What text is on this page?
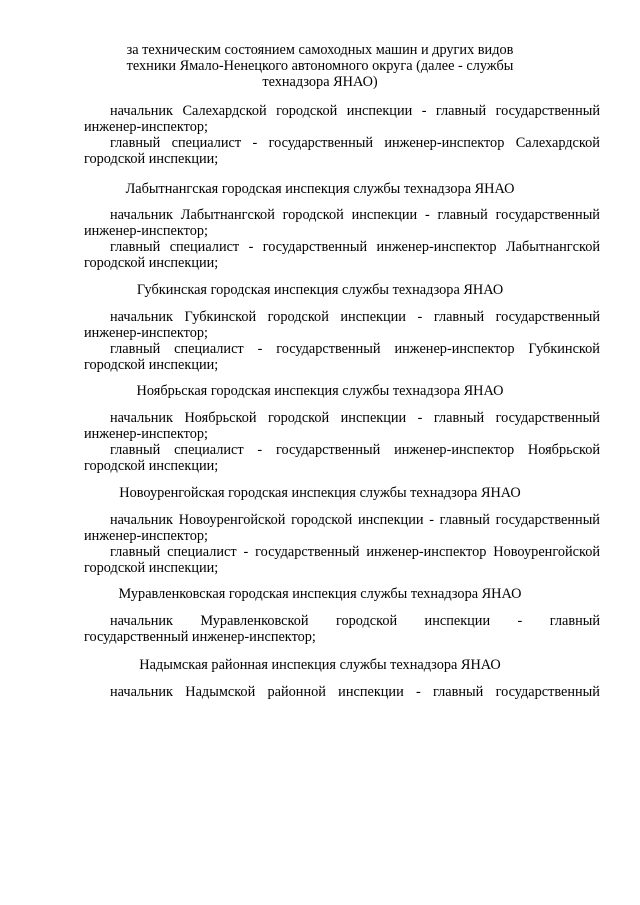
за техническим состоянием самоходных машин и других видов
техники Ямало-Ненецкого автономного округа (далее - службы
технадзора ЯНАО)
начальник Салехардской городской инспекции - главный государственный
инженер-инспектор;
главный специалист - государственный инженер-инспектор Салехардской
городской инспекции;
Лабытнангская городская инспекция службы технадзора ЯНАО
начальник Лабытнангской городской инспекции - главный государственный
инженер-инспектор;
главный специалист - государственный инженер-инспектор Лабытнангской
городской инспекции;
Губкинская городская инспекция службы технадзора ЯНАО
начальник Губкинской городской инспекции - главный государственный
инженер-инспектор;
главный специалист - государственный инженер-инспектор Губкинской
городской инспекции;
Ноябрьская городская инспекция службы технадзора ЯНАО
начальник Ноябрьской городской инспекции - главный государственный
инженер-инспектор;
главный специалист - государственный инженер-инспектор Ноябрьской
городской инспекции;
Новоуренгойская городская инспекция службы технадзора ЯНАО
начальник Новоуренгойской городской инспекции - главный государственный
инженер-инспектор;
главный специалист - государственный инженер-инспектор Новоуренгойской
городской инспекции;
Муравленковская городская инспекция службы технадзора ЯНАО
начальник Муравленковской городской инспекции - главный
государственный инженер-инспектор;
Надымская районная инспекция службы технадзора ЯНАО
начальник Надымской районной инспекции - главный государственный
